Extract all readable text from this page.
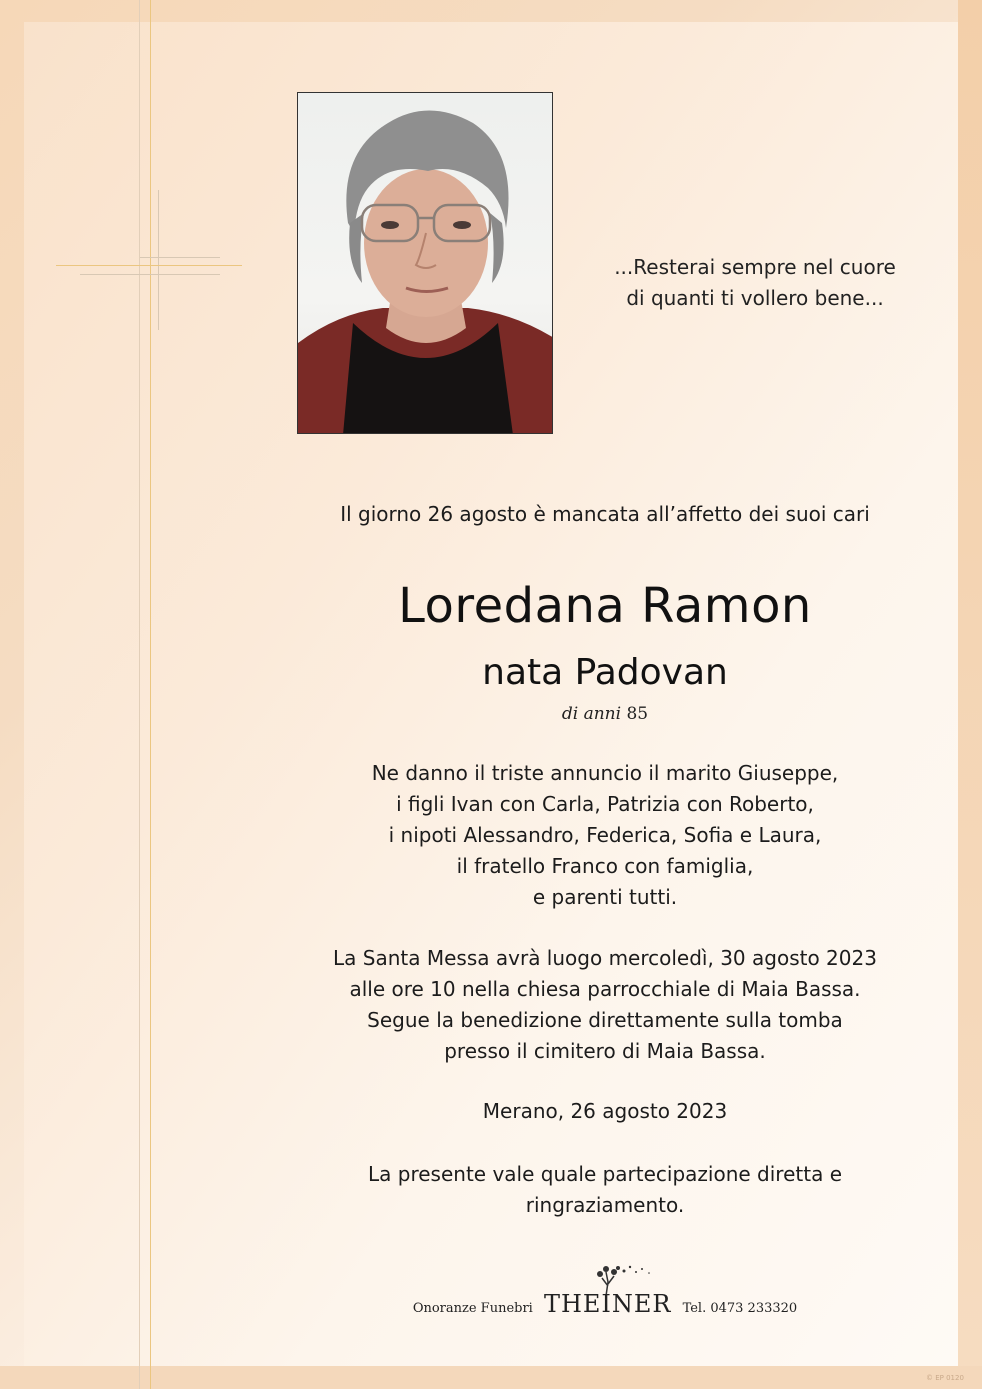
...Resterai sempre nel cuore
di quanti ti vollero bene...
Il giorno 26 agosto è mancata all’affetto dei suoi cari
Loredana Ramon
nata Padovan
di anni 85
Ne danno il triste annuncio il marito Giuseppe,
i figli Ivan con Carla, Patrizia con Roberto,
i nipoti Alessandro, Federica, Sofia e Laura,
il fratello Franco con famiglia,
e parenti tutti.
La Santa Messa avrà luogo mercoledì, 30 agosto 2023
alle ore 10 nella chiesa parrocchiale di Maia Bassa.
Segue la benedizione direttamente sulla tomba
presso il cimitero di Maia Bassa.
Merano, 26 agosto 2023
La presente vale quale partecipazione diretta e
ringraziamento.
Onoranze Funebri THEINER Tel. 0473 233320
© EP 0120
